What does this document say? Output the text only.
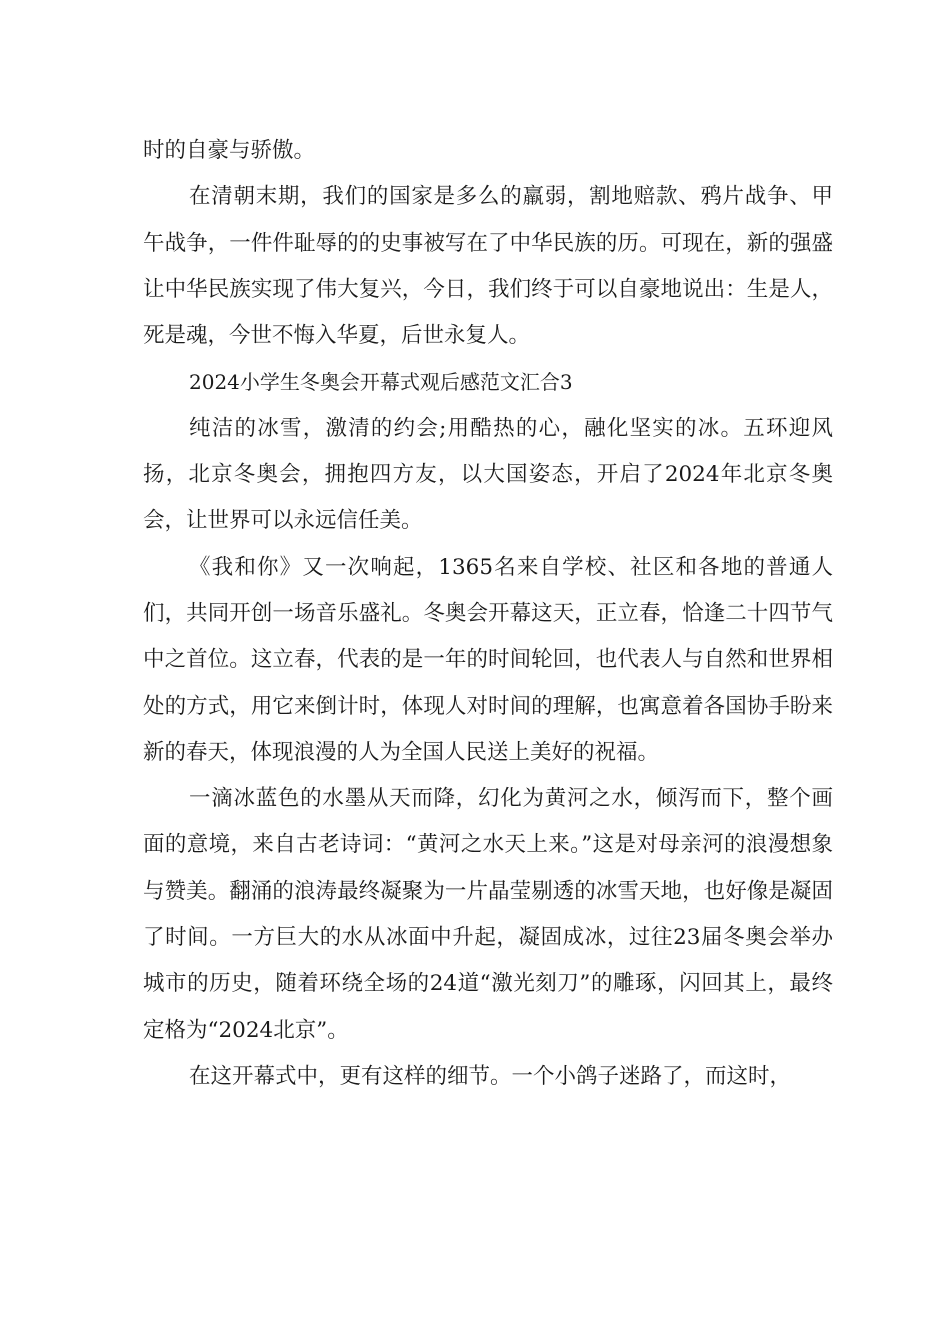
时的自豪与骄傲。

在清朝末期，我们的国家是多么的羸弱，割地赔款、鸦片战争、甲午战争，一件件耻辱的的史事被写在了中华民族的历。可现在，新的强盛让中华民族实现了伟大复兴，今日，我们终于可以自豪地说出：生是人，死是魂，今世不悔入华夏，后世永复人。

2024小学生冬奥会开幕式观后感范文汇合3

纯洁的冰雪，激清的约会;用酷热的心，融化坚实的冰。五环迎风扬，北京冬奥会，拥抱四方友，以大国姿态，开启了2024年北京冬奥会，让世界可以永远信任美。

《我和你》又一次响起，1365名来自学校、社区和各地的普通人们，共同开创一场音乐盛礼。冬奥会开幕这天，正立春，恰逢二十四节气中之首位。这立春，代表的是一年的时间轮回，也代表人与自然和世界相处的方式，用它来倒计时，体现人对时间的理解，也寓意着各国协手盼来新的春天，体现浪漫的人为全国人民送上美好的祝福。

一滴冰蓝色的水墨从天而降，幻化为黄河之水，倾泻而下，整个画面的意境，来自古老诗词：“黄河之水天上来。”这是对母亲河的浪漫想象与赞美。翻涌的浪涛最终凝聚为一片晶莹剔透的冰雪天地，也好像是凝固了时间。一方巨大的水从冰面中升起，凝固成冰，过往23届冬奥会举办城市的历史，随着环绕全场的24道“激光刻刀”的雕琢，闪回其上，最终定格为“2024北京”。

在这开幕式中，更有这样的细节。一个小鸽子迷路了，而这时，
